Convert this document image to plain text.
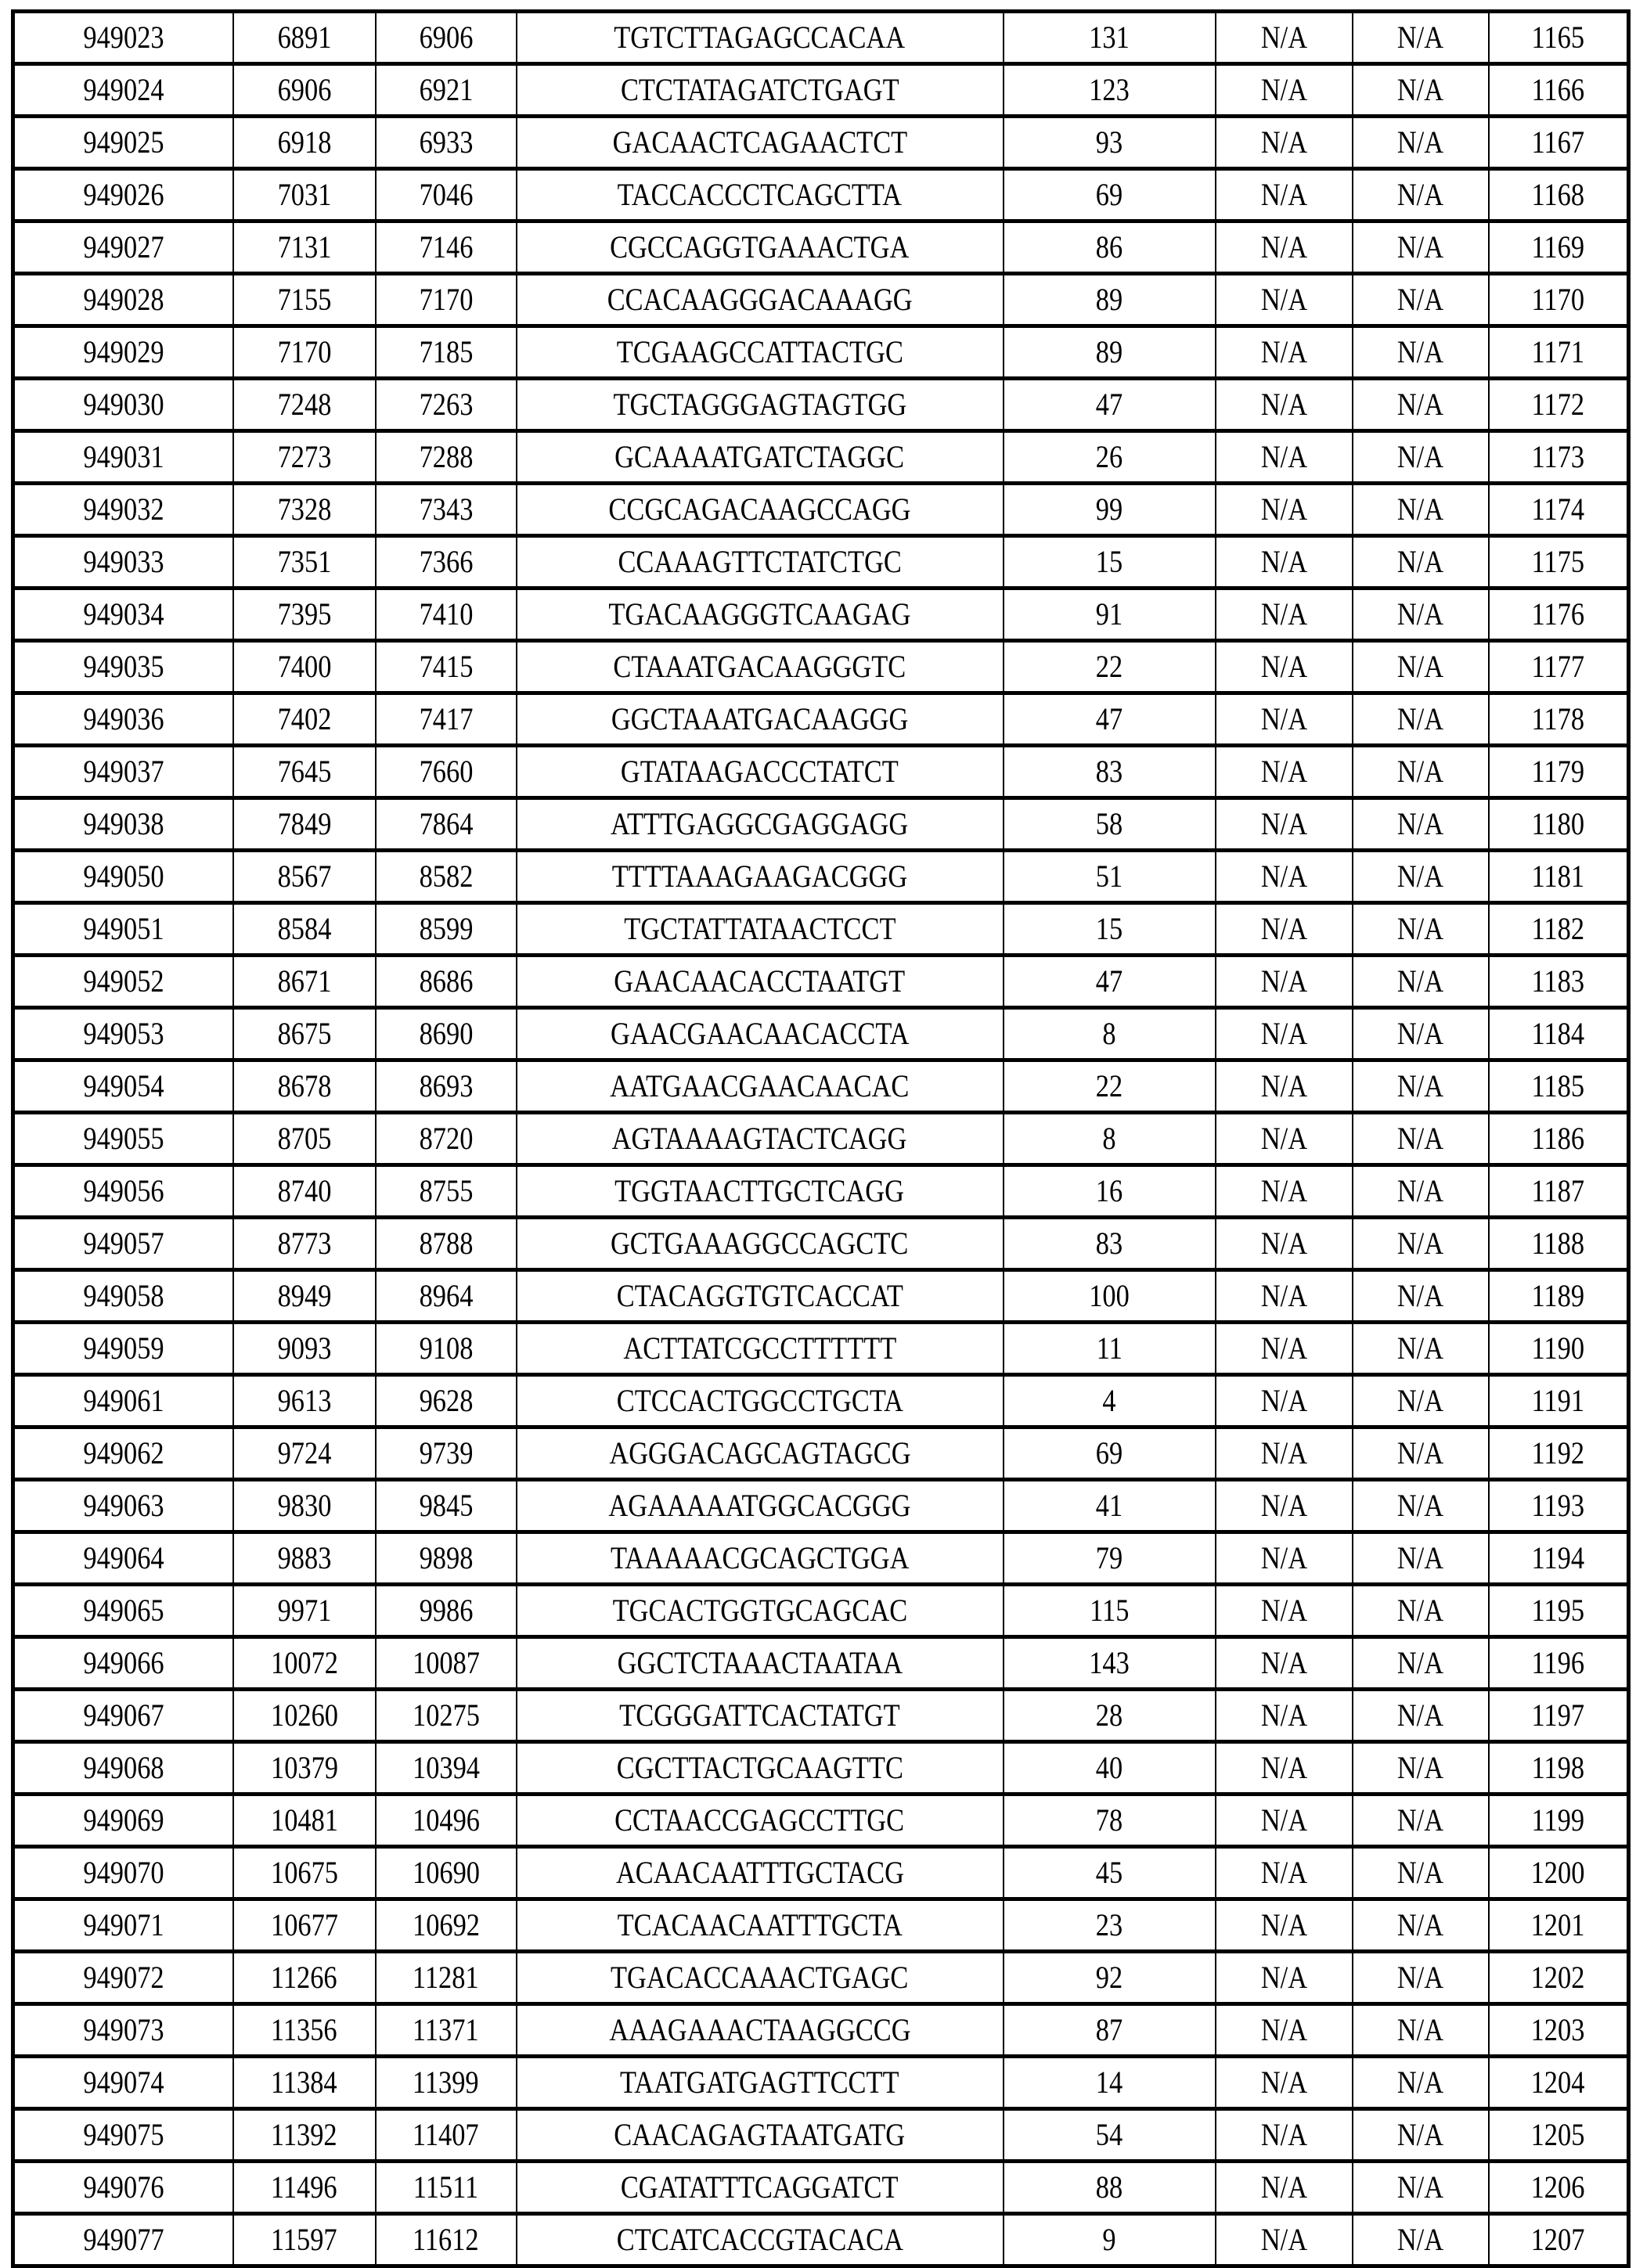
949023	6891	6906	TGTCTTAGAGCCACAA	131	N/A	N/A	1165
949024	6906	6921	CTCTATAGATCTGAGT	123	N/A	N/A	1166
949025	6918	6933	GACAACTCAGAACTCT	93	N/A	N/A	1167
949026	7031	7046	TACCACCCTCAGCTTA	69	N/A	N/A	1168
949027	7131	7146	CGCCAGGTGAAACTGA	86	N/A	N/A	1169
949028	7155	7170	CCACAAGGGACAAAGG	89	N/A	N/A	1170
949029	7170	7185	TCGAAGCCATTACTGC	89	N/A	N/A	1171
949030	7248	7263	TGCTAGGGAGTAGTGG	47	N/A	N/A	1172
949031	7273	7288	GCAAAATGATCTAGGC	26	N/A	N/A	1173
949032	7328	7343	CCGCAGACAAGCCAGG	99	N/A	N/A	1174
949033	7351	7366	CCAAAGTTCTATCTGC	15	N/A	N/A	1175
949034	7395	7410	TGACAAGGGTCAAGAG	91	N/A	N/A	1176
949035	7400	7415	CTAAATGACAAGGGTC	22	N/A	N/A	1177
949036	7402	7417	GGCTAAATGACAAGGG	47	N/A	N/A	1178
949037	7645	7660	GTATAAGACCCTATCT	83	N/A	N/A	1179
949038	7849	7864	ATTTGAGGCGAGGAGG	58	N/A	N/A	1180
949050	8567	8582	TTTTAAAGAAGACGGG	51	N/A	N/A	1181
949051	8584	8599	TGCTATTATAACTCCT	15	N/A	N/A	1182
949052	8671	8686	GAACAACACCTAATGT	47	N/A	N/A	1183
949053	8675	8690	GAACGAACAACACCTA	8	N/A	N/A	1184
949054	8678	8693	AATGAACGAACAACAC	22	N/A	N/A	1185
949055	8705	8720	AGTAAAAGTACTCAGG	8	N/A	N/A	1186
949056	8740	8755	TGGTAACTTGCTCAGG	16	N/A	N/A	1187
949057	8773	8788	GCTGAAAGGCCAGCTC	83	N/A	N/A	1188
949058	8949	8964	CTACAGGTGTCACCAT	100	N/A	N/A	1189
949059	9093	9108	ACTTATCGCCTTTTTT	11	N/A	N/A	1190
949061	9613	9628	CTCCACTGGCCTGCTA	4	N/A	N/A	1191
949062	9724	9739	AGGGACAGCAGTAGCG	69	N/A	N/A	1192
949063	9830	9845	AGAAAAATGGCACGGG	41	N/A	N/A	1193
949064	9883	9898	TAAAAACGCAGCTGGA	79	N/A	N/A	1194
949065	9971	9986	TGCACTGGTGCAGCAC	115	N/A	N/A	1195
949066	10072	10087	GGCTCTAAACTAATAA	143	N/A	N/A	1196
949067	10260	10275	TCGGGATTCACTATGT	28	N/A	N/A	1197
949068	10379	10394	CGCTTACTGCAAGTTC	40	N/A	N/A	1198
949069	10481	10496	CCTAACCGAGCCTTGC	78	N/A	N/A	1199
949070	10675	10690	ACAACAATTTGCTACG	45	N/A	N/A	1200
949071	10677	10692	TCACAACAATTTGCTA	23	N/A	N/A	1201
949072	11266	11281	TGACACCAAACTGAGC	92	N/A	N/A	1202
949073	11356	11371	AAAGAAACTAAGGCCG	87	N/A	N/A	1203
949074	11384	11399	TAATGATGAGTTCCTT	14	N/A	N/A	1204
949075	11392	11407	CAACAGAGTAATGATG	54	N/A	N/A	1205
949076	11496	11511	CGATATTTCAGGATCT	88	N/A	N/A	1206
949077	11597	11612	CTCATCACCGTACACA	9	N/A	N/A	1207
